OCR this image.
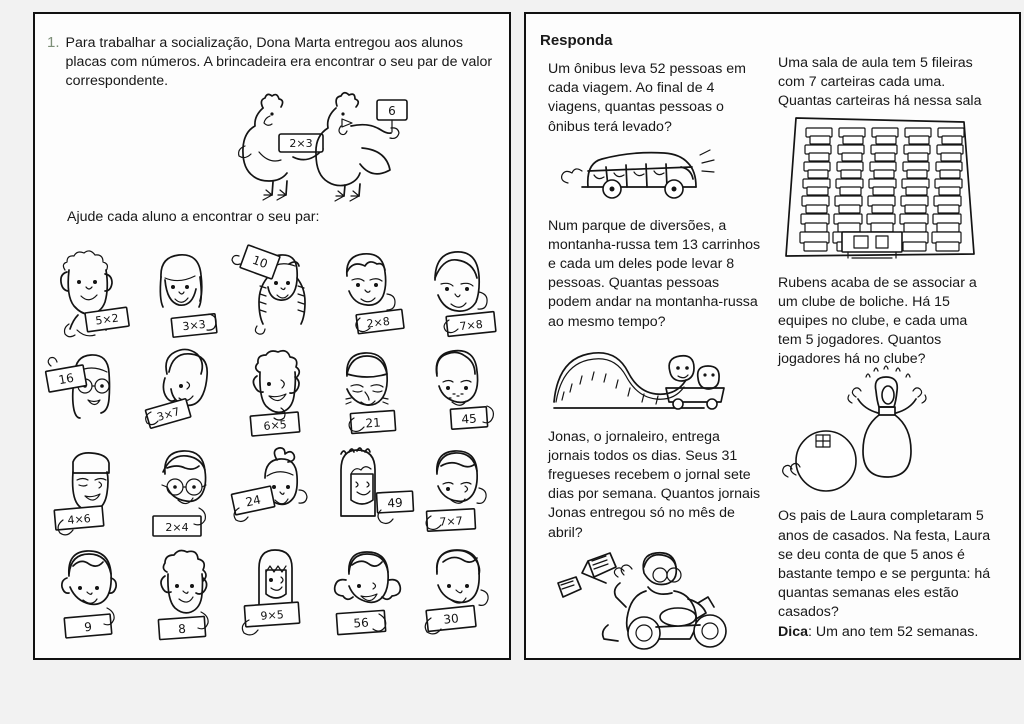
1. Para trabalhar a socialização, Dona Marta entregou aos alunos placas com números. A brincadeira era encontrar o seu par de valor correspondente.
2×3
6
Ajude cada aluno a encontrar o seu par:
5×2	3×3
10
2×8	7×8
16
3×7
6×5	21	45
4×6
2×4
24	49
7×7
9	8
9×5	56	30
Responda

Um ônibus leva 52 pessoas em cada viagem. Ao final de 4 viagens, quantas pessoas o ônibus terá levado?

Num parque de diversões, a montanha-russa tem 13 carrinhos e cada um deles pode levar 8 pessoas. Quantas pessoas podem andar na montanha-russa ao mesmo tempo?

Jonas, o jornaleiro, entrega jornais todos os dias. Seus 31 fregueses recebem o jornal sete dias por semana. Quantos jornais Jonas entregou só no mês de abril?

Uma sala de aula tem 5 fileiras com 7 carteiras cada uma. Quantas carteiras há nessa sala

Rubens acaba de se associar a um clube de boliche. Há 15 equipes no clube, e cada uma tem 5 jogadores. Quantos jogadores há no clube?

Os pais de Laura completaram 5 anos de casados. Na festa, Laura se deu conta de que 5 anos é bastante tempo e se pergunta: há quantas semanas eles estão casados?

Dica: Um ano tem 52 semanas.
